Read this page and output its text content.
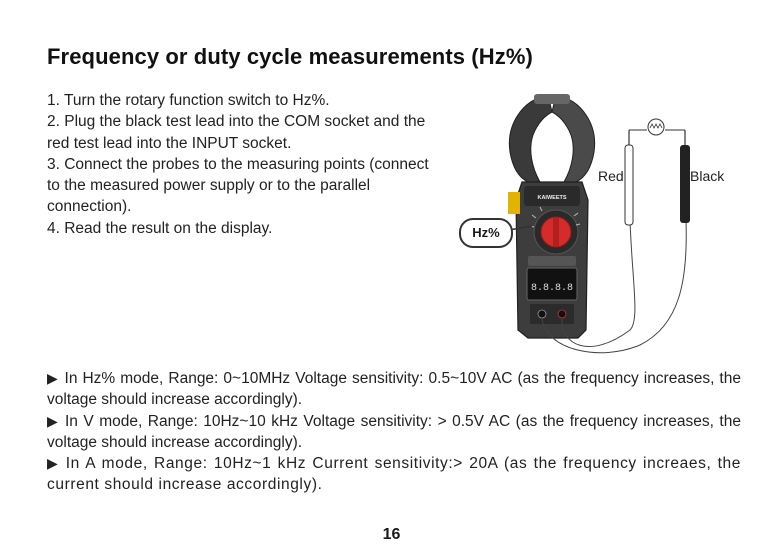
Frequency or duty cycle measurements (Hz%)

1. Turn the rotary function switch to Hz%.

2. Plug the black test lead into the COM socket and the red test lead into the INPUT socket.

3. Connect the probes to the measuring points (connect to the measured power supply or to the parallel connection).

4. Read the result on the display.

KAIWEETS
8.8.8.8
Red	Black
Hz%

▶ In Hz% mode, Range: 0~10MHz Voltage sensitivity: 0.5~10V AC (as the frequency increases, the voltage should increase accordingly).

▶ In V mode, Range: 10Hz~10 kHz Voltage sensitivity: > 0.5V AC (as the frequency increases, the voltage should increase accordingly).

▶ In A mode, Range: 10Hz~1 kHz Current sensitivity:> 20A (as the frequency increaes, the current should increase accordingly).

16
